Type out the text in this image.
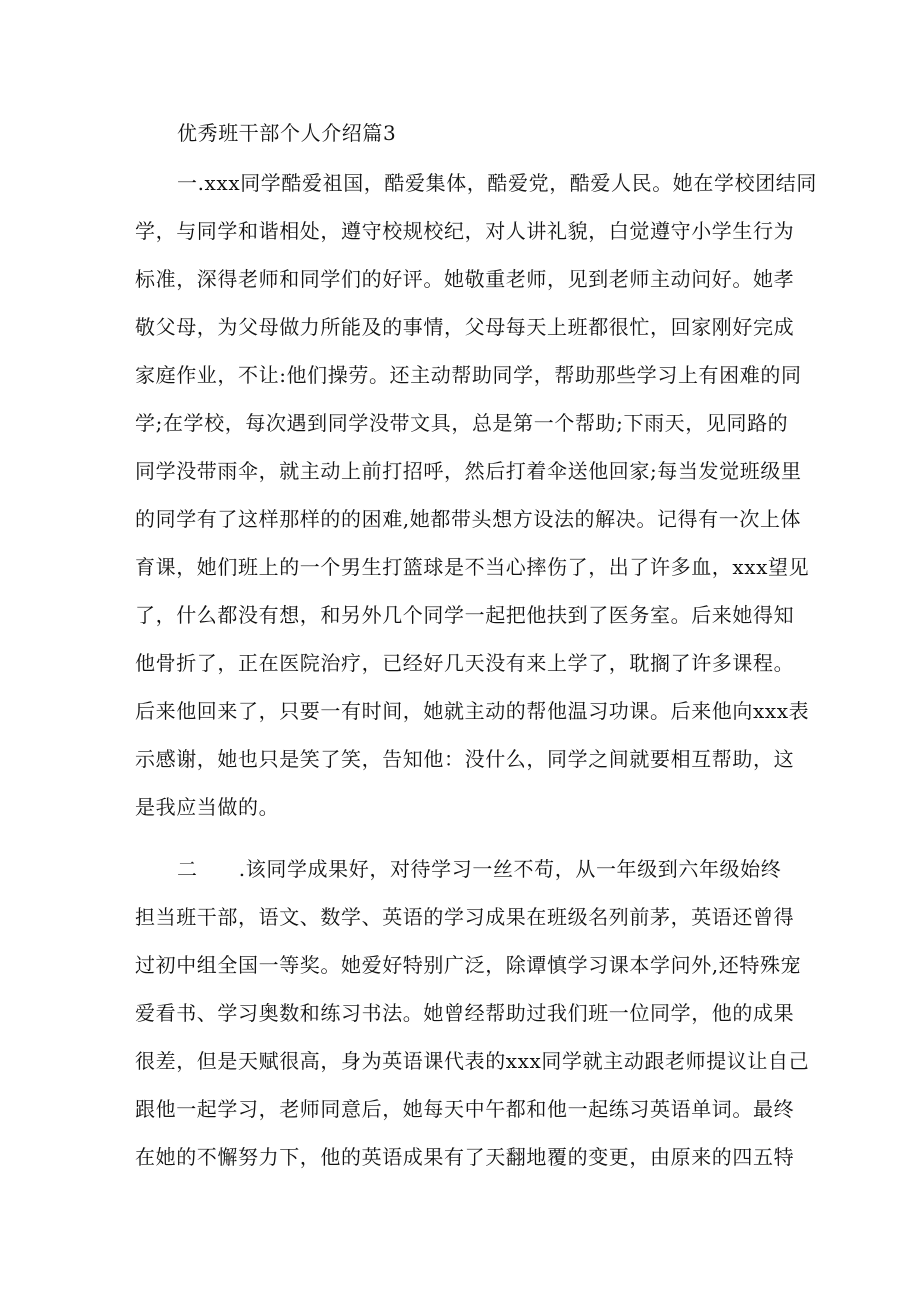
优秀班干部个人介绍篇3
一.xxx同学酷爱祖国，酷爱集体，酷爱党，酷爱人民。她在学校团结同
学，与同学和谐相处，遵守校规校纪，对人讲礼貌，白觉遵守小学生行为
标准，深得老师和同学们的好评。她敬重老师，见到老师主动问好。她孝
敬父母，为父母做力所能及的事情，父母每天上班都很忙，回家刚好完成
家庭作业，不让:他们操劳。还主动帮助同学，帮助那些学习上有困难的同
学;在学校，每次遇到同学没带文具，总是第一个帮助;下雨天，见同路的
同学没带雨伞，就主动上前打招呼，然后打着伞送他回家;每当发觉班级里
的同学有了这样那样的的困难,她都带头想方设法的解决。记得有一次上体
育课，她们班上的一个男生打篮球是不当心摔伤了，出了许多血，xxx望见
了，什么都没有想，和另外几个同学一起把他扶到了医务室。后来她得知
他骨折了，正在医院治疗，已经好几天没有来上学了，耽搁了许多课程。
后来他回来了，只要一有时间，她就主动的帮他温习功课。后来他向xxx表
示感谢，她也只是笑了笑，告知他：没什么，同学之间就要相互帮助，这
是我应当做的。
二　　.该同学成果好，对待学习一丝不苟，从一年级到六年级始终
担当班干部，语文、数学、英语的学习成果在班级名列前茅，英语还曾得
过初中组全国一等奖。她爱好特别广泛，除谭慎学习课本学问外,还特殊宠
爱看书、学习奥数和练习书法。她曾经帮助过我们班一位同学，他的成果
很差，但是天赋很高，身为英语课代表的xxx同学就主动跟老师提议让自己
跟他一起学习，老师同意后，她每天中午都和他一起练习英语单词。最终
在她的不懈努力下，他的英语成果有了天翻地覆的变更，由原来的四五特
